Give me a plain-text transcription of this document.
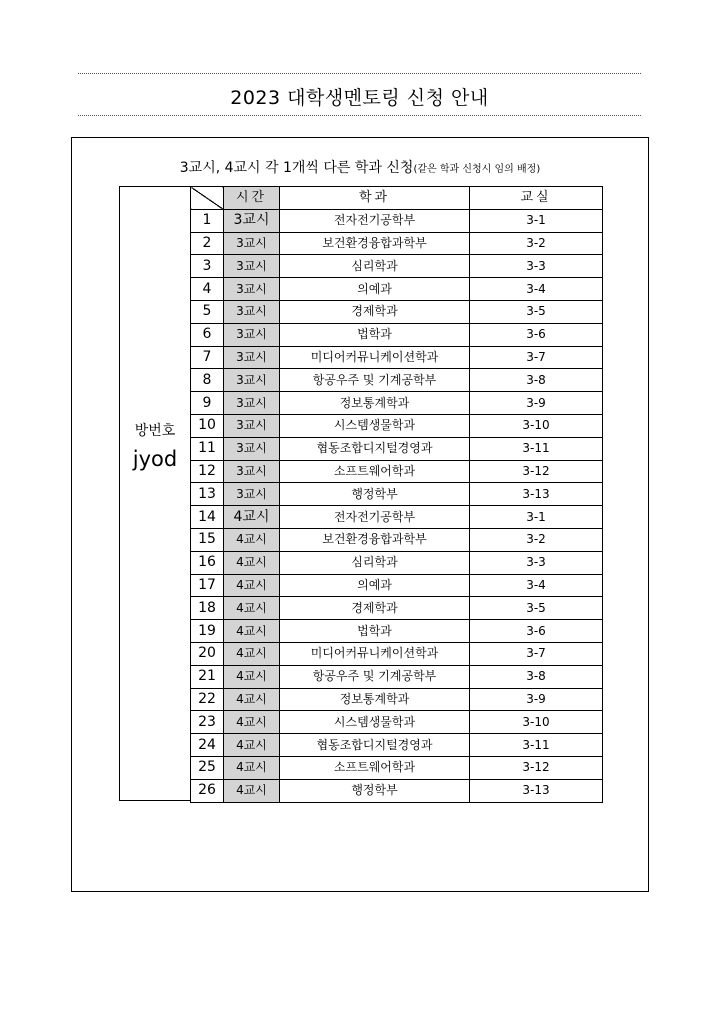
2023 대학생멘토링 신청 안내
3교시, 4교시 각 1개씩 다른 학과 신청(같은 학과 신청시 임의 배정)
방번호
jyod
	시간	학과	교실
1	3교시	전자전기공학부	3-1
2	3교시	보건환경융합과학부	3-2
3	3교시	심리학과	3-3
4	3교시	의예과	3-4
5	3교시	경제학과	3-5
6	3교시	법학과	3-6
7	3교시	미디어커뮤니케이션학과	3-7
8	3교시	항공우주 및 기계공학부	3-8
9	3교시	정보통계학과	3-9
10	3교시	시스템생물학과	3-10
11	3교시	협동조합디지털경영과	3-11
12	3교시	소프트웨어학과	3-12
13	3교시	행정학부	3-13
14	4교시	전자전기공학부	3-1
15	4교시	보건환경융합과학부	3-2
16	4교시	심리학과	3-3
17	4교시	의예과	3-4
18	4교시	경제학과	3-5
19	4교시	법학과	3-6
20	4교시	미디어커뮤니케이션학과	3-7
21	4교시	항공우주 및 기계공학부	3-8
22	4교시	정보통계학과	3-9
23	4교시	시스템생물학과	3-10
24	4교시	협동조합디지털경영과	3-11
25	4교시	소프트웨어학과	3-12
26	4교시	행정학부	3-13
